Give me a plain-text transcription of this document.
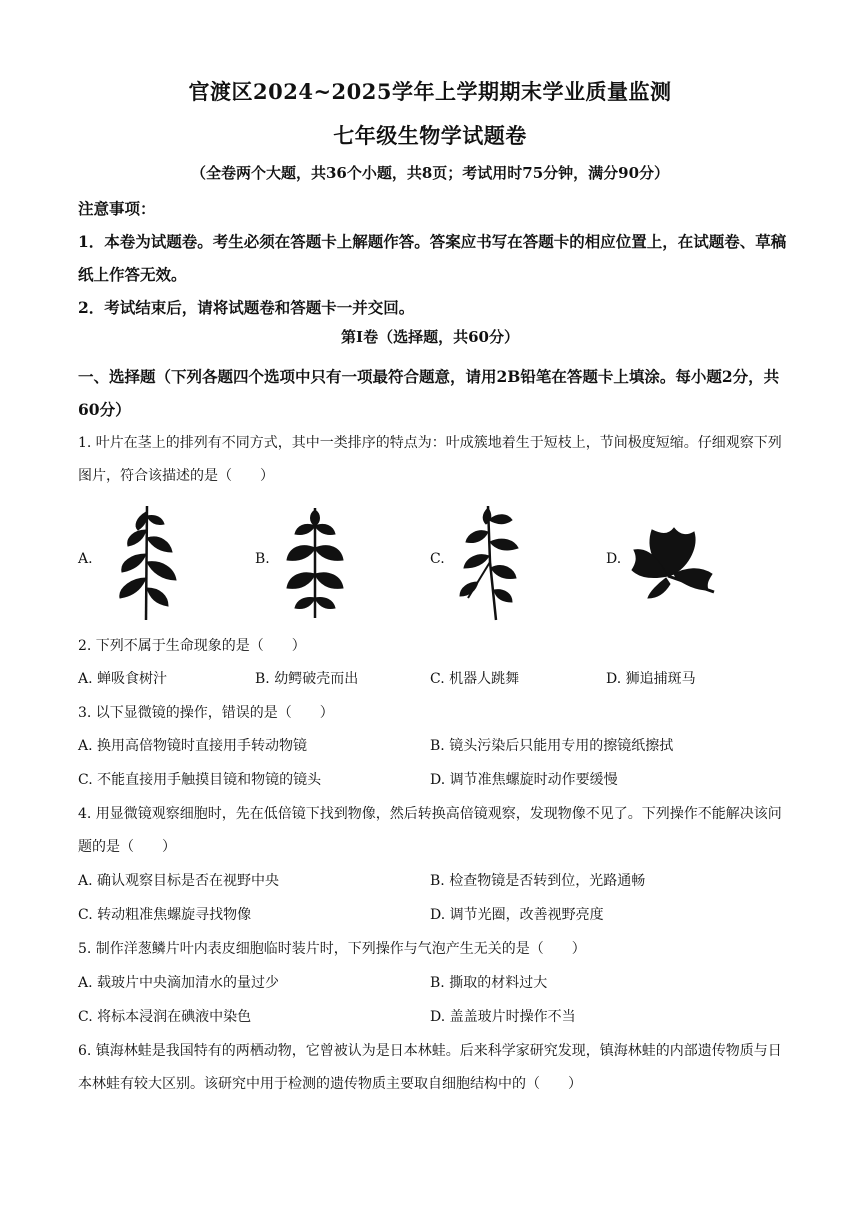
官渡区2024~2025学年上学期期末学业质量监测
七年级生物学试题卷
（全卷两个大题，共36个小题，共8页；考试用时75分钟，满分90分）
注意事项：
1．本卷为试题卷。考生必须在答题卡上解题作答。答案应书写在答题卡的相应位置上，在试题卷、草稿纸上作答无效。
2．考试结束后，请将试题卷和答题卡一并交回。
第Ⅰ卷（选择题，共60分）
一、选择题（下列各题四个选项中只有一项最符合题意，请用2B铅笔在答题卡上填涂。每小题2分，共60分）
1. 叶片在茎上的排列有不同方式，其中一类排序的特点为：叶成簇地着生于短枝上，节间极度短缩。仔细观察下列图片，符合该描述的是（　　）
A.	B.	C.	D.
2. 下列不属于生命现象的是（　　）
A. 蝉吸食树汁	B. 幼鳄破壳而出	C. 机器人跳舞	D. 狮追捕斑马
3. 以下显微镜的操作，错误的是（　　）
A. 换用高倍物镜时直接用手转动物镜	B. 镜头污染后只能用专用的擦镜纸擦拭
C. 不能直接用手触摸目镜和物镜的镜头	D. 调节准焦螺旋时动作要缓慢
4. 用显微镜观察细胞时，先在低倍镜下找到物像，然后转换高倍镜观察，发现物像不见了。下列操作不能解决该问题的是（　　）
A. 确认观察目标是否在视野中央	B. 检查物镜是否转到位，光路通畅
C. 转动粗准焦螺旋寻找物像	D. 调节光圈，改善视野亮度
5. 制作洋葱鳞片叶内表皮细胞临时装片时，下列操作与气泡产生无关的是（　　）
A. 载玻片中央滴加清水的量过少	B. 撕取的材料过大
C. 将标本浸润在碘液中染色	D. 盖盖玻片时操作不当
6. 镇海林蛙是我国特有的两栖动物，它曾被认为是日本林蛙。后来科学家研究发现，镇海林蛙的内部遗传物质与日本林蛙有较大区别。该研究中用于检测的遗传物质主要取自细胞结构中的（　　）
